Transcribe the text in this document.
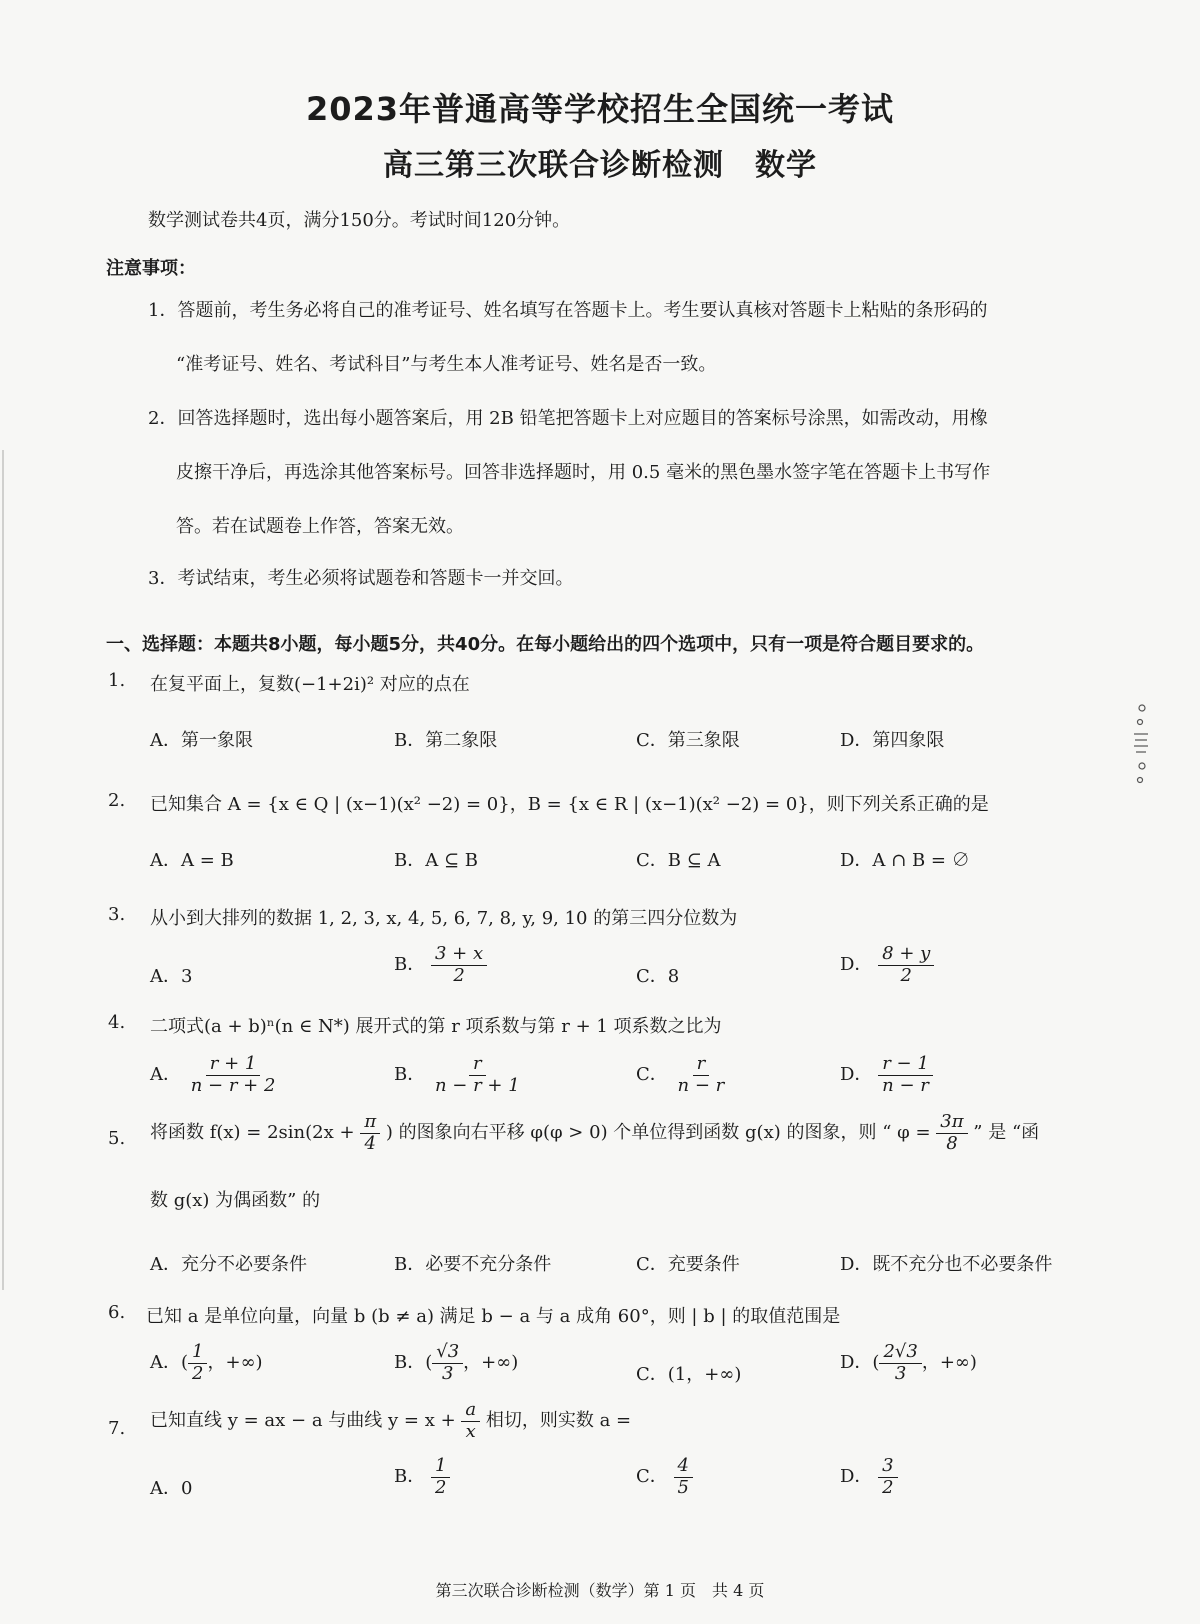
2023年普通高等学校招生全国统一考试
高三第三次联合诊断检测　数学
数学测试卷共4页，满分150分。考试时间120分钟。
注意事项：
1．答题前，考生务必将自己的准考证号、姓名填写在答题卡上。考生要认真核对答题卡上粘贴的条形码的
“准考证号、姓名、考试科目”与考生本人准考证号、姓名是否一致。
2．回答选择题时，选出每小题答案后，用 2B 铅笔把答题卡上对应题目的答案标号涂黑，如需改动，用橡
皮擦干净后，再选涂其他答案标号。回答非选择题时，用 0.5 毫米的黑色墨水签字笔在答题卡上书写作
答。若在试题卷上作答，答案无效。
3．考试结束，考生必须将试题卷和答题卡一并交回。
一、选择题：本题共8小题，每小题5分，共40分。在每小题给出的四个选项中，只有一项是符合题目要求的。
1. 在复平面上，复数(−1+2i)² 对应的点在
A．第一象限	B．第二象限	C．第三象限	D．第四象限
2. 已知集合 A = {x ∈ Q | (x−1)(x² −2) = 0}，B = {x ∈ R | (x−1)(x² −2) = 0}，则下列关系正确的是
A．A = B	B．A ⊆ B	C．B ⊆ A	D．A ∩ B = ∅
3. 从小到大排列的数据 1, 2, 3, x, 4, 5, 6, 7, 8, y, 9, 10 的第三四分位数为
A．3
B． $\frac{3 + x}{2}$	C．8
D． $\frac{8 + y}{2}$
4. 二项式(a + b)ⁿ(n ∈ N*) 展开式的第 r 项系数与第 r + 1 项系数之比为
A． $\frac{r + 1}{n - r + 2}$	B． $\frac{r}{n - r + 1}$	C． $\frac{r}{n - r}$	D． $\frac{r - 1}{n - r}$
5. 将函数 $f(x) = 2\sin(2x + \frac{\pi}{4}$ ) 的图象向右平移 φ(φ > 0) 个单位得到函数 g(x) 的图象，则 “ $\varphi = \frac{3\pi}{8}$ ” 是 “函
数 g(x) 为偶函数” 的
A．充分不必要条件	B．必要不充分条件	C．充要条件	D．既不充分也不必要条件
6. 已知 a 是单位向量，向量 b (b ≠ a) 满足 b − a 与 a 成角 60°，则 | b | 的取值范围是
A．( $\frac{1}{2}$ ，+∞)	B．( $\frac{√3}{3}$ ，+∞)
C．(1，+∞)
D．( $\frac{2√3}{3}$ ，+∞)
7. 已知直线 y = ax − a 与曲线 $y = x + \frac{a}{x}$ 相切，则实数 a =
A．0
B． $\frac{1}{2}$	C． $\frac{4}{5}$	D． $\frac{3}{2}$
第三次联合诊断检测（数学）第 1 页　共 4 页
